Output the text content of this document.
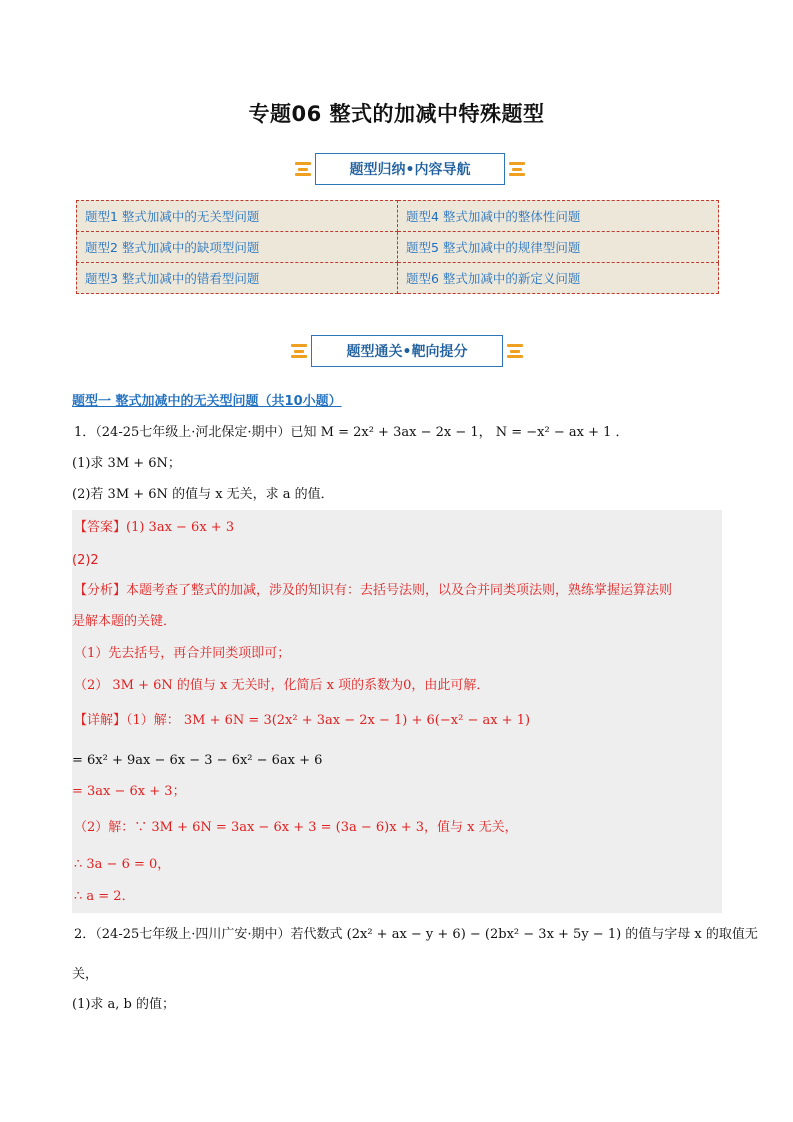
专题06 整式的加减中特殊题型
题型归纳•内容导航
题型1 整式加减中的无关型问题	题型4 整式加减中的整体性问题
题型2 整式加减中的缺项型问题	题型5 整式加减中的规律型问题
题型3 整式加减中的错看型问题	题型6 整式加减中的新定义问题
题型通关•靶向提分
题型一 整式加减中的无关型问题（共10小题）
1．（24-25七年级上·河北保定·期中）已知 M = 2x² + 3ax − 2x − 1， N = −x² − ax + 1 ．
(1)求 3M + 6N；
(2)若 3M + 6N 的值与 x 无关，求 a 的值．
【答案】(1) 3ax − 6x + 3
(2)2
【分析】本题考查了整式的加减，涉及的知识有：去括号法则，以及合并同类项法则，熟练掌握运算法则
是解本题的关键．
（1）先去括号，再合并同类项即可；
（2） 3M + 6N 的值与 x 无关时，化简后 x 项的系数为0，由此可解．
【详解】（1）解： 3M + 6N = 3(2x² + 3ax − 2x − 1) + 6(−x² − ax + 1)
= 6x² + 9ax − 6x − 3 − 6x² − 6ax + 6
= 3ax − 6x + 3；
（2）解：∵ 3M + 6N = 3ax − 6x + 3 = (3a − 6)x + 3，值与 x 无关，
∴ 3a − 6 = 0，
∴ a = 2．
2．（24-25七年级上·四川广安·期中）若代数式 (2x² + ax − y + 6) − (2bx² − 3x + 5y − 1) 的值与字母 x 的取值无
关，
(1)求 a, b 的值；
